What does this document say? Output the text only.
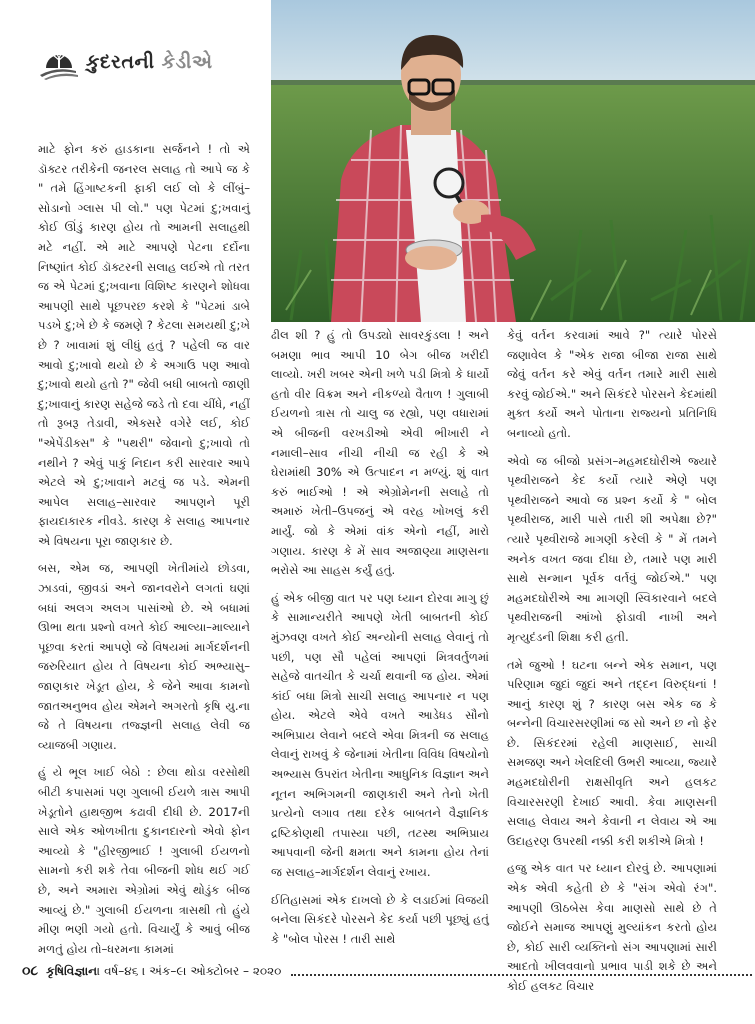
કુદરતની કેડીએ

માટે ફોન કરું હાડકાના સર્જનને ! તો એ ડૉક્ટર તરીકેની જનરલ સલાહ તો આપે જ કે " તમે હિંગાષ્ટકની ફાકી લઈ લો કે લીંબું–સોડાનો ગ્લાસ પી લો." પણ પેટમાં દુ;ખવાનું કોઈ ઊંડું કારણ હોય તો આમની સલાહથી મટે નહીં. એ માટે આપણે પેટના દર્દોના નિષ્ણાંત કોઈ ડૉક્ટરની સલાહ લઈએ તો તરત જ એ પેટમાં દુ;ખવાના વિશિષ્ટ કારણને શોધવા આપણી સાથે પૂછપરછ કરશે કે "પેટમાં ડાબે પડખે દુ;ખે છે કે જમણે ? કેટલા સમયથી દુ;ખે છે ? ખાવામાં શું લીધું હતું ? પહેલી જ વાર આવો દુ;ખાવો થયો છે કે અગાઉ પણ આવો દુ;ખાવો થયો હતો ?" જેવી બધી બાબતો જાણી દુ;ખાવાનું કારણ સહેજે જડે તો દવા ચીંધે, નહીં તો રૂબરૂ તેડાવી, એક્સરે વગેરે લઈ, કોઈ "એપેંડીક્સ" કે "પથરી" જેવાનો દુ;ખાવો તો નથીને ? એવું પાકું નિદાન કરી સારવાર આપે એટલે એ દુ;ખાવાને મટવું જ પડે. એમની આપેલ સલાહ–સારવાર આપણને પૂરી ફાયદાકારક નીવડે. કારણ કે સલાહ આપનાર એ વિષયના પૂરા જાણકાર છે.

બસ, એમ જ, આપણી ખેતીમાંયે છોડવા, ઝાડવાં, જીવડાં અને જાનવરોને લગતાં ઘણાં બધાં અલગ અલગ પાસાંઓ છે. એ બધામાં ઊભા થતા પ્રશ્નો વખતે કોઈ આલ્યા–માલ્યાને પૂછવા કરતાં આપણે જે વિષયમાં માર્ગદર્શનની જરુરિયાત હોય તે વિષયના કોઈ અભ્યાસુ–જાણકાર ખેડૂત હોય, કે જેને આવા કામનો જાતઅનુભવ હોય એમને અગરતો કૃષિ યુ.ના જે તે વિષયના તજ્જ્ઞની સલાહ લેવી જ વ્યાજબી ગણાય.

હું યે ભૂલ ખાઈ બેઠો : છેલા થોડા વરસોથી બીટી કપાસમાં પણ ગુલાબી ઈયળે ત્રાસ આપી ખેડૂતોને હાથજીભ કઢાવી દીધી છે. 2017ની સાલે એક ઓળખીતા દુકાનદારનો એવો ફોન આવ્યો કે "હીરજીભાઈ ! ગુલાબી ઈયળનો સામનો કરી શકે તેવા બીજની શોધ થઈ ગઈ છે, અને અમારા એગ્રોમાં એવું થોડુંક બીજ આવ્યું છે." ગુલાબી ઈયળના ત્રાસથી તો હુંયે મીણ ભણી ગયો હતો. વિચાર્યું કે આવું બીજ મળતું હોય તો–ધરમના કામમાં

ઢીલ શી ? હું તો ઉપડ્યો સાવરકુંડલા ! અને બમણા ભાવ આપી 10 બેગ બીજ ખરીદી લાવ્યો. ખરી ખબર એની ખળે પડી મિત્રો કે ધાર્યો હતો વીર વિક્રમ અને નીકળ્યો વૈતાળ ! ગુલાબી ઈયળનો ત્રાસ તો ચાલુ જ રહ્યો, પણ વધારામાં એ બીજની વરખડીઓ એવી ભીખારી ને નમાલી–સાવ નીચી નીચી જ રહી કે એ ઘેરામાંથી 30% એ ઉત્પાદન ન મળ્યું. શું વાત કરું ભાઈઓ ! એ એગ્રોમેનની સલાહે તો અમારું ખેતી–ઉપજનું એ વરહ ખોખલું કરી માર્યું. જો કે એમાં વાંક એનો નહીં, મારો ગણાય. કારણ કે મેં સાવ અજાણ્યા માણસના ભરોસે આ સાહસ કર્યું હતું.

હું એક બીજી વાત પર પણ ધ્યાન દોરવા માગુ છું કે સામાન્યરીતે આપણે ખેતી બાબતની કોઈ મુંઝવણ વખતે કોઈ અન્યોની સલાહ લેવાનું તો પછી, પણ સૌ પહેલાં આપણાં મિત્રવર્તુળમાં સહેજે વાતચીત કે ચર્ચા થવાની જ હોય. એમાં કાંઈ બધા મિત્રો સાચી સલાહ આપનાર ન પણ હોય. એટલે એવે વખતે આડેધડ સૌનો અભિપ્રાય લેવાને બદલે એવા મિત્રની જ સલાહ લેવાનું રાખવું કે જેનામાં ખેતીના વિવિધ વિષયોનો અભ્યાસ ઉપરાંત ખેતીના આધુનિક વિજ્ઞાન અને નૂતન અભિગમની જાણકારી અને તેનો ખેતી પ્રત્યેનો લગાવ તથા દરેક બાબતને વૈજ્ઞાનિક દ્રષ્ટિકોણથી તપાસ્યા પછી, તટસ્થ અભિપ્રાય આપવાની જેની ક્ષમતા અને કામના હોય તેનાં જ સલાહ–માર્ગદર્શન લેવાનું રખાય.

ઈતિહાસમાં એક દાખલો છે કે લડાઈમાં વિજયી બનેલા સિકંદરે પોરસને કેદ કર્યા પછી પૂછ્યું હતું કે "બોલ પોરસ ! તારી સાથે

કેવું વર્તન કરવામાં આવે ?" ત્યારે પોરસે જણાવેલ કે "એક રાજા બીજા રાજા સાથે જેવું વર્તન કરે એવું વર્તન તમારે મારી સાથે કરવું જોઈએ." અને સિકંદરે પોરસને કેદમાંથી મુક્ત કર્યો અને પોતાના રાજ્યનો પ્રતિનિધિ બનાવ્યો હતો.

એવો જ બીજો પ્રસંગ–મહમદઘોરીએ જ્યારે પૃથ્વીરાજને કેદ કર્યો ત્યારે એણે પણ પૃથ્વીરાજને આવો જ પ્રશ્ન કર્યો કે " બોલ પૃથ્વીરાજ, મારી પાસે તારી શી અપેક્ષા છે?" ત્યારે પૃથ્વીરાજે માગણી કરેલી કે " મેં તમને અનેક વખત જવા દીધા છે, તમારે પણ મારી સાથે સન્માન પૂર્વક વર્તવું જોઈએ." પણ મહમદઘોરીએ આ માગણી સ્વિકારવાને બદલે પૃથ્વીરાજની આંખો ફોડાવી નાખી અને મૃત્યુદંડની શિક્ષા કરી હતી.

તમે જુઓ ! ઘટના બન્ને એક સમાન, પણ પરિણામ જુદાં જુદાં અને તદ્દન વિરુદ્ધનાં ! આનું કારણ શું ? કારણ બસ એક જ કે બન્નેની વિચારસરણીમાં જ સો અને છ નો ફેર છે. સિકંદરમાં રહેલી માણસાઈ, સાચી સમજણ અને ખેલદિલી ઉભરી આવ્યા, જ્યારે મહમદઘોરીની રાક્ષસીવૃતિ અને હલકટ વિચારસરણી દેખાઈ આવી. કેવા માણસની સલાહ લેવાય અને કેવાની ન લેવાય એ આ ઉદાહરણ ઉપરથી નક્કી કરી શકીએ મિત્રો !

હજુ એક વાત પર ધ્યાન દોરવું છે. આપણામાં એક એવી કહેતી છે કે "સંગ એવો રંગ". આપણી ઊઠબેસ કેવા માણસો સાથે છે તે જોઈને સમાજ આપણું મુલ્યાંકન કરતો હોય છે, કોઈ સારી વ્યક્તિનો સંગ આપણામાં સારી આદતો ખીલવવાનો પ્રભાવ પાડી શકે છે અને કોઈ હલકટ વિચાર

૦૮ કૃષિવિજ્ઞાન । વર્ષ–૪૬ । અંક–૯। ઓક્ટોબર – ૨૦૨૦
